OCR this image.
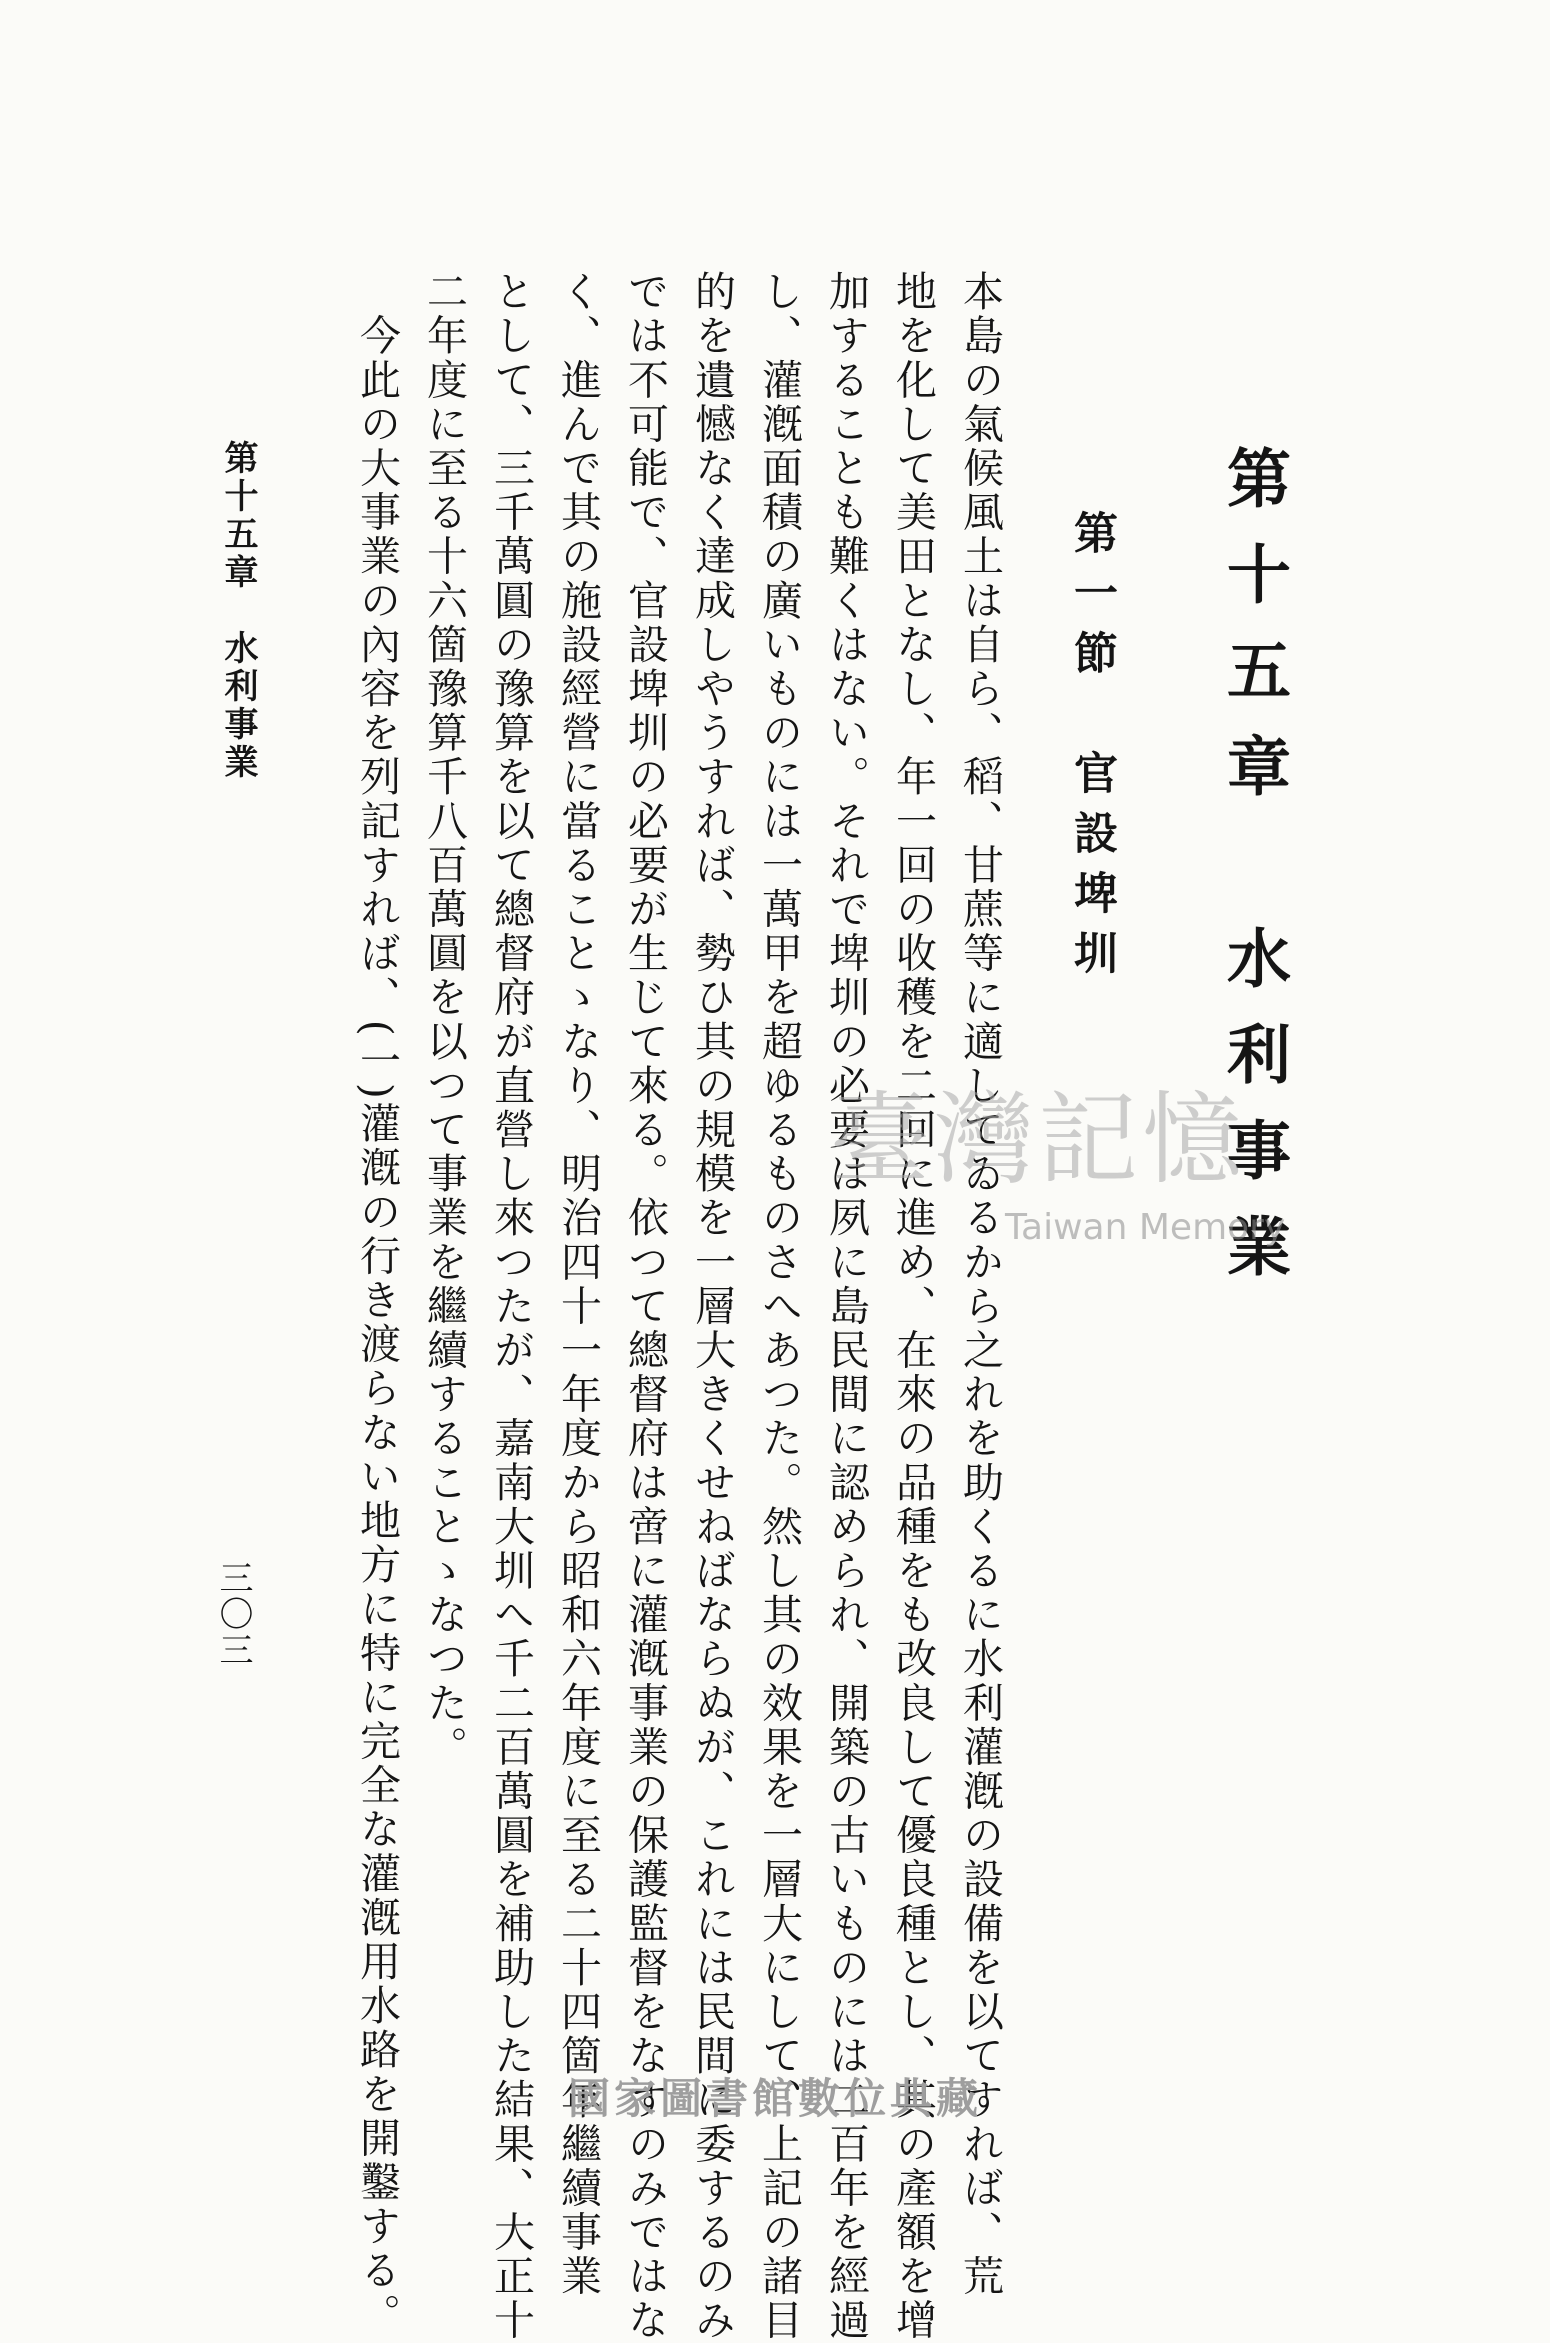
第十五章　水利事業
第一節　官設埤圳
本島の氣候風土は自ら、稻、甘蔗等に適してゐるから之れを助くるに水利灌漑の設備を以てすれば、荒
地を化して美田となし、年一回の收穫を二回に進め、在來の品種をも改良して優良種とし、其の產額を增
加することも難くはない。それで埤圳の必要は夙に島民間に認められ、開築の古いものには二百年を經過
し、灌漑面積の廣いものには一萬甲を超ゆるものさへあつた。然し其の效果を一層大にして、上記の諸目
的を遺憾なく達成しやうすれば、勢ひ其の規模を一層大きくせねばならぬが、これには民間に委するのみ
では不可能で、官設埤圳の必要が生じて來る。依つて總督府は啻に灌漑事業の保護監督をなすのみではな
く、進んで其の施設經營に當ることゝなり、明治四十一年度から昭和六年度に至る二十四箇年繼續事業
として、三千萬圓の豫算を以て總督府が直營し來つたが、嘉南大圳へ千二百萬圓を補助した結果、大正十
二年度に至る十六箇豫算千八百萬圓を以つて事業を繼續することゝなつた。
　今此の大事業の內容を列記すれば、(一)灌漑の行き渡らない地方に特に完全な灌漑用水路を開鑿する。
第十五章　水利事業
三〇三
臺灣記憶
Taiwan Memory
國家圖書館數位典藏
